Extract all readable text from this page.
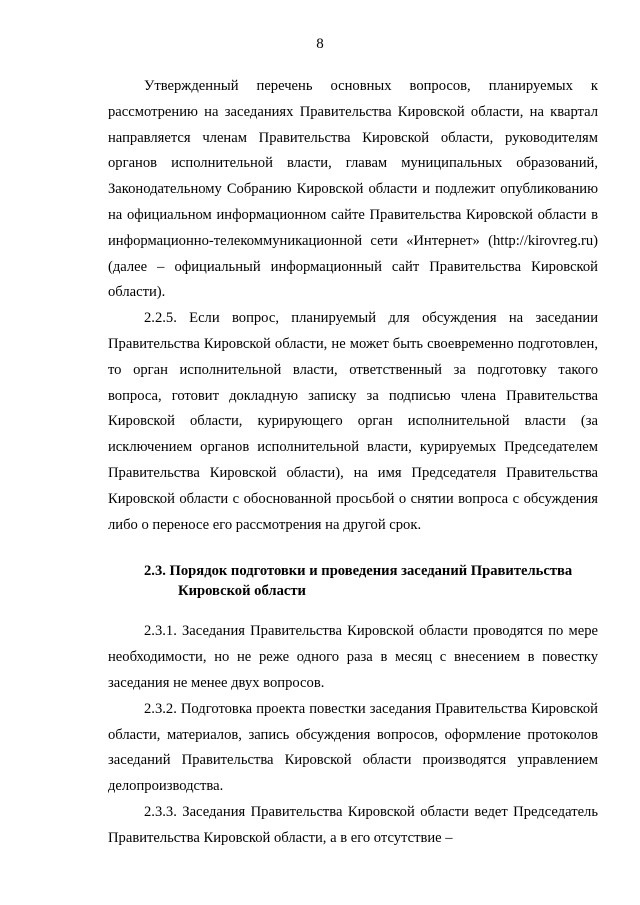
8

Утвержденный перечень основных вопросов, планируемых к рассмотрению на заседаниях Правительства Кировской области, на квартал направляется членам Правительства Кировской области, руководителям органов исполнительной власти, главам муниципальных образований, Законодательному Собранию Кировской области и подлежит опубликованию на официальном информационном сайте Правительства Кировской области в информационно-телекоммуникационной сети «Интернет» (http://kirovreg.ru) (далее – официальный информационный сайт Правительства Кировской области).

2.2.5. Если вопрос, планируемый для обсуждения на заседании Правительства Кировской области, не может быть своевременно подготовлен, то орган исполнительной власти, ответственный за подготовку такого вопроса, готовит докладную записку за подписью члена Правительства Кировской области, курирующего орган исполнительной власти (за исключением органов исполнительной власти, курируемых Председателем Правительства Кировской области), на имя Председателя Правительства Кировской области с обоснованной просьбой о снятии вопроса с обсуждения либо о переносе его рассмотрения на другой срок.

2.3. Порядок подготовки и проведения заседаний Правительства
Кировской области

2.3.1. Заседания Правительства Кировской области проводятся по мере необходимости, но не реже одного раза в месяц с внесением в повестку заседания не менее двух вопросов.

2.3.2. Подготовка проекта повестки заседания Правительства Кировской области, материалов, запись обсуждения вопросов, оформление протоколов заседаний Правительства Кировской области производятся управлением делопроизводства.

2.3.3. Заседания Правительства Кировской области ведет Председатель Правительства Кировской области, а в его отсутствие –
